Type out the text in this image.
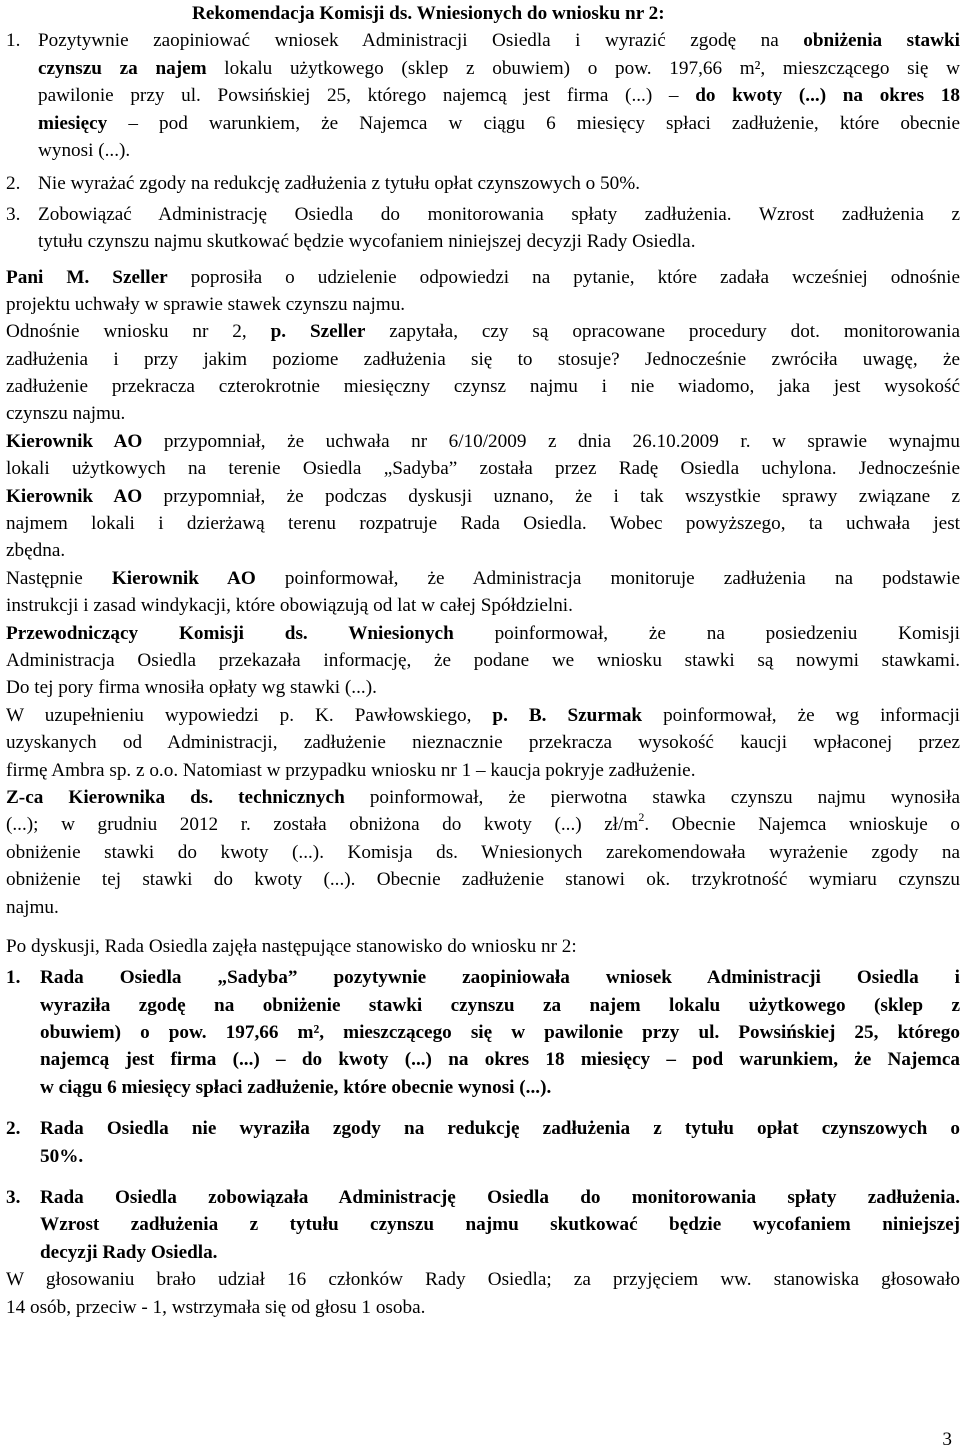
Rekomendacja Komisji ds. Wniesionych do wniosku nr 2:
1. Pozytywnie zaopiniować wniosek Administracji Osiedla i wyrazić zgodę na obniżenia stawki
czynszu za najem lokalu użytkowego (sklep z obuwiem) o pow. 197,66 m², mieszczącego się w
pawilonie przy ul. Powsińskiej 25, którego najemcą jest firma (...) – do kwoty (...) na okres 18
miesięcy – pod warunkiem, że Najemca w ciągu 6 miesięcy spłaci zadłużenie, które obecnie
wynosi (...).
2. Nie wyrażać zgody na redukcję zadłużenia z tytułu opłat czynszowych o 50%.
3. Zobowiązać Administrację Osiedla do monitorowania spłaty zadłużenia. Wzrost zadłużenia z
tytułu czynszu najmu skutkować będzie wycofaniem niniejszej decyzji Rady Osiedla.
Pani M. Szeller poprosiła o udzielenie odpowiedzi na pytanie, które zadała wcześniej odnośnie
projektu uchwały w sprawie stawek czynszu najmu.
Odnośnie wniosku nr 2, p. Szeller zapytała, czy są opracowane procedury dot. monitorowania
zadłużenia i przy jakim poziome zadłużenia się to stosuje? Jednocześnie zwróciła uwagę, że
zadłużenie przekracza czterokrotnie miesięczny czynsz najmu i nie wiadomo, jaka jest wysokość
czynszu najmu.
Kierownik AO przypomniał, że uchwała nr 6/10/2009 z dnia 26.10.2009 r. w sprawie wynajmu
lokali użytkowych na terenie Osiedla „Sadyba” została przez Radę Osiedla uchylona. Jednocześnie
Kierownik AO przypomniał, że podczas dyskusji uznano, że i tak wszystkie sprawy związane z
najmem lokali i dzierżawą terenu rozpatruje Rada Osiedla. Wobec powyższego, ta uchwała jest
zbędna.
Następnie Kierownik AO poinformował, że Administracja monitoruje zadłużenia na podstawie
instrukcji i zasad windykacji, które obowiązują od lat w całej Spółdzielni.
Przewodniczący Komisji ds. Wniesionych poinformował, że na posiedzeniu Komisji
Administracja Osiedla przekazała informację, że podane we wniosku stawki są nowymi stawkami.
Do tej pory firma wnosiła opłaty wg stawki (...).
W uzupełnieniu wypowiedzi p. K. Pawłowskiego, p. B. Szurmak poinformował, że wg informacji
uzyskanych od Administracji, zadłużenie nieznacznie przekracza wysokość kaucji wpłaconej przez
firmę Ambra sp. z o.o. Natomiast w przypadku wniosku nr 1 – kaucja pokryje zadłużenie.
Z-ca Kierownika ds. technicznych poinformował, że pierwotna stawka czynszu najmu wynosiła
(...); w grudniu 2012 r. została obniżona do kwoty (...) $zł/m^2$. Obecnie Najemca wnioskuje o
obniżenie stawki do kwoty (...). Komisja ds. Wniesionych zarekomendowała wyrażenie zgody na
obniżenie tej stawki do kwoty (...). Obecnie zadłużenie stanowi ok. trzykrotność wymiaru czynszu
najmu.
Po dyskusji, Rada Osiedla zajęła następujące stanowisko do wniosku nr 2:
1. Rada Osiedla „Sadyba” pozytywnie zaopiniowała wniosek Administracji Osiedla i
wyraziła zgodę na obniżenie stawki czynszu za najem lokalu użytkowego (sklep z
obuwiem) o pow. 197,66 m², mieszczącego się w pawilonie przy ul. Powsińskiej 25, którego
najemcą jest firma (...) – do kwoty (...) na okres 18 miesięcy – pod warunkiem, że Najemca
w ciągu 6 miesięcy spłaci zadłużenie, które obecnie wynosi (...).
2. Rada Osiedla nie wyraziła zgody na redukcję zadłużenia z tytułu opłat czynszowych o
50%.
3. Rada Osiedla zobowiązała Administrację Osiedla do monitorowania spłaty zadłużenia.
Wzrost zadłużenia z tytułu czynszu najmu skutkować będzie wycofaniem niniejszej
decyzji Rady Osiedla.
W głosowaniu brało udział 16 członków Rady Osiedla; za przyjęciem ww. stanowiska głosowało
14 osób, przeciw - 1, wstrzymała się od głosu 1 osoba.
3
